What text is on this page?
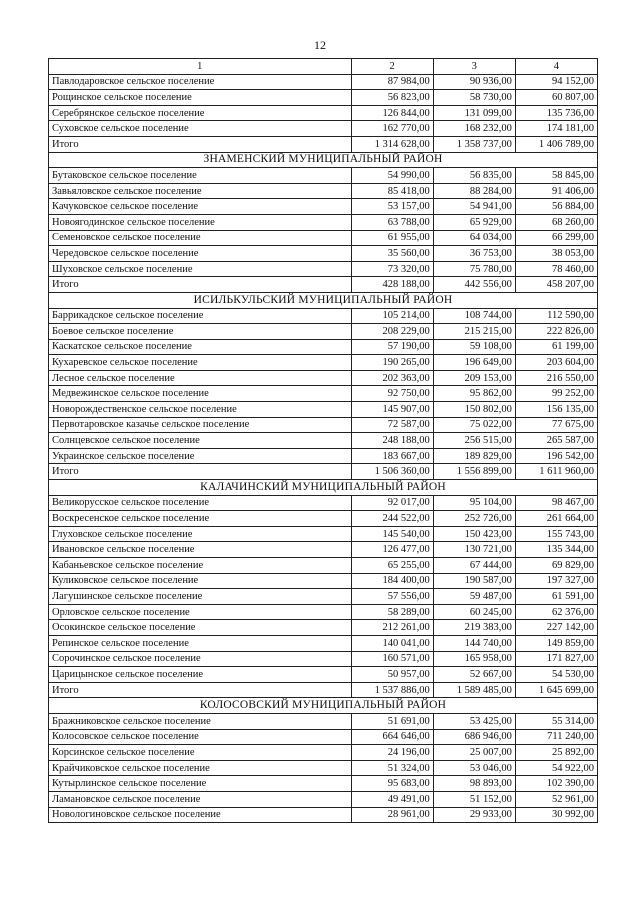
12
1	2	3	4
Павлодаровское сельское поселение	87 984,00	90 936,00	94 152,00
Рощинское сельское поселение	56 823,00	58 730,00	60 807,00
Серебрянское сельское поселение	126 844,00	131 099,00	135 736,00
Суховское сельское поселение	162 770,00	168 232,00	174 181,00
Итого	1 314 628,00	1 358 737,00	1 406 789,00
ЗНАМЕНСКИЙ МУНИЦИПАЛЬНЫЙ РАЙОН			
Бутаковское сельское поселение	54 990,00	56 835,00	58 845,00
Завьяловское сельское поселение	85 418,00	88 284,00	91 406,00
Качуковское сельское поселение	53 157,00	54 941,00	56 884,00
Новоягодинское сельское поселение	63 788,00	65 929,00	68 260,00
Семеновское сельское поселение	61 955,00	64 034,00	66 299,00
Чередовское сельское поселение	35 560,00	36 753,00	38 053,00
Шуховское сельское поселение	73 320,00	75 780,00	78 460,00
Итого	428 188,00	442 556,00	458 207,00
ИСИЛЬКУЛЬСКИЙ МУНИЦИПАЛЬНЫЙ РАЙОН			
Баррикадское сельское поселение	105 214,00	108 744,00	112 590,00
Боевое сельское поселение	208 229,00	215 215,00	222 826,00
Каскатское сельское поселение	57 190,00	59 108,00	61 199,00
Кухаревское сельское поселение	190 265,00	196 649,00	203 604,00
Лесное сельское поселение	202 363,00	209 153,00	216 550,00
Медвежинское сельское поселение	92 750,00	95 862,00	99 252,00
Новорождественское сельское поселение	145 907,00	150 802,00	156 135,00
Первотаровское казачье сельское поселение	72 587,00	75 022,00	77 675,00
Солнцевское сельское поселение	248 188,00	256 515,00	265 587,00
Украинское сельское поселение	183 667,00	189 829,00	196 542,00
Итого	1 506 360,00	1 556 899,00	1 611 960,00
КАЛАЧИНСКИЙ МУНИЦИПАЛЬНЫЙ РАЙОН			
Великорусское сельское поселение	92 017,00	95 104,00	98 467,00
Воскресенское сельское поселение	244 522,00	252 726,00	261 664,00
Глуховское сельское поселение	145 540,00	150 423,00	155 743,00
Ивановское сельское поселение	126 477,00	130 721,00	135 344,00
Кабаньевское сельское поселение	65 255,00	67 444,00	69 829,00
Куликовское сельское поселение	184 400,00	190 587,00	197 327,00
Лагушинское сельское поселение	57 556,00	59 487,00	61 591,00
Орловское сельское поселение	58 289,00	60 245,00	62 376,00
Осокинское сельское поселение	212 261,00	219 383,00	227 142,00
Репинское сельское поселение	140 041,00	144 740,00	149 859,00
Сорочинское сельское поселение	160 571,00	165 958,00	171 827,00
Царицынское сельское поселение	50 957,00	52 667,00	54 530,00
Итого	1 537 886,00	1 589 485,00	1 645 699,00
КОЛОСОВСКИЙ МУНИЦИПАЛЬНЫЙ РАЙОН			
Бражниковское сельское поселение	51 691,00	53 425,00	55 314,00
Колосовское сельское поселение	664 646,00	686 946,00	711 240,00
Корсинское сельское поселение	24 196,00	25 007,00	25 892,00
Крайчиковское сельское поселение	51 324,00	53 046,00	54 922,00
Кутырлинское сельское поселение	95 683,00	98 893,00	102 390,00
Ламановское сельское поселение	49 491,00	51 152,00	52 961,00
Новологиновское сельское поселение	28 961,00	29 933,00	30 992,00
